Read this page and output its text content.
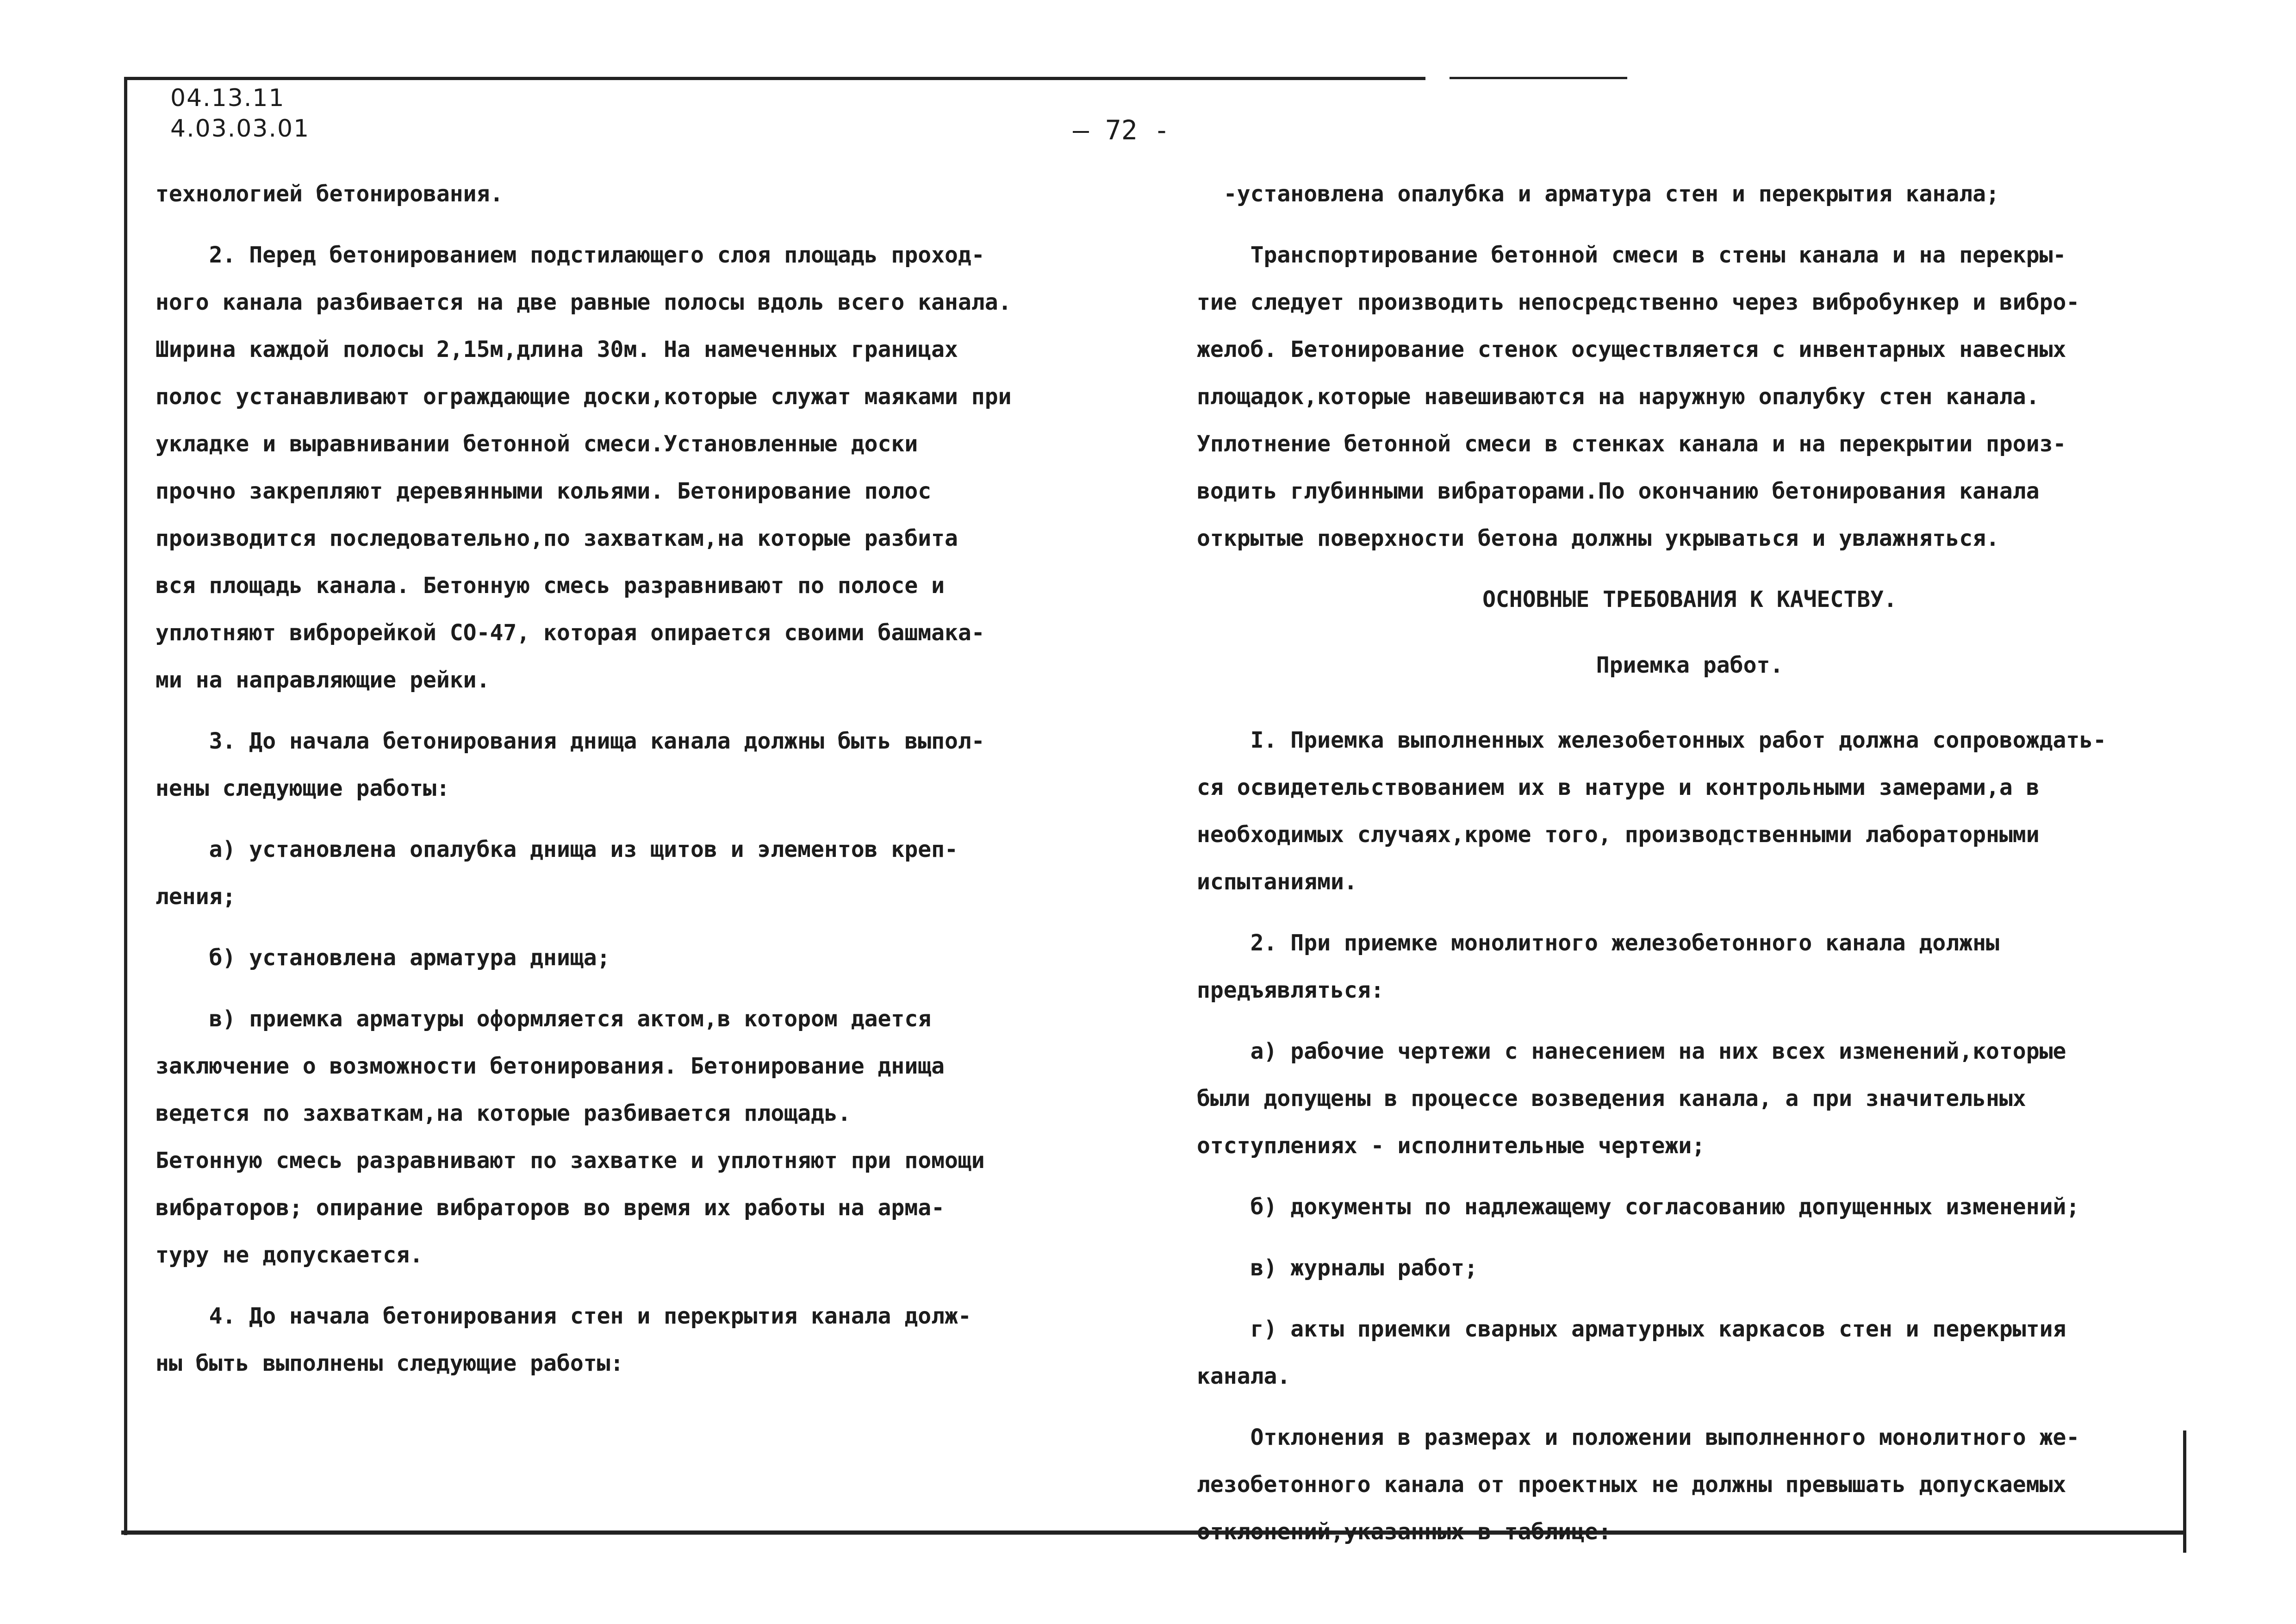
04.13.11
4.03.03.01	— 72 -
технологией бетонирования.
2. Перед бетонированием подстилающего слоя площадь проход-
ного канала разбивается на две равные полосы вдоль всего канала.
Ширина каждой полосы 2,15м,длина 30м. На намеченных границах
полос устанавливают ограждающие доски,которые служат маяками при
укладке и выравнивании бетонной смеси.Установленные доски
прочно закрепляют деревянными кольями. Бетонирование полос
производится последовательно,по захваткам,на которые разбита
вся площадь канала. Бетонную смесь разравнивают по полосе и
уплотняют виброрейкой СО-47, которая опирается своими башмака-
ми на направляющие рейки.
3. До начала бетонирования днища канала должны быть выпол-
нены следующие работы:
а) установлена опалубка днища из щитов и элементов креп-
ления;
б) установлена арматура днища;
в) приемка арматуры оформляется актом,в котором дается
заключение о возможности бетонирования. Бетонирование днища
ведется по захваткам,на которые разбивается площадь.
Бетонную смесь разравнивают по захватке и уплотняют при помощи
вибраторов; опирание вибраторов во время их работы на арма-
туру не допускается.
4. До начала бетонирования стен и перекрытия канала долж-
ны быть выполнены следующие работы:
-установлена опалубка и арматура стен и перекрытия канала;
Транспортирование бетонной смеси в стены канала и на перекры-
тие следует производить непосредственно через вибробункер и вибро-
желоб. Бетонирование стенок осуществляется с инвентарных навесных
площадок,которые навешиваются на наружную опалубку стен канала.
Уплотнение бетонной смеси в стенках канала и на перекрытии произ-
водить глубинными вибраторами.По окончанию бетонирования канала
открытые поверхности бетона должны укрываться и увлажняться.
ОСНОВНЫЕ ТРЕБОВАНИЯ К КАЧЕСТВУ.
Приемка работ.
I. Приемка выполненных железобетонных работ должна сопровождать-
ся освидетельствованием их в натуре и контрольными замерами,а в
необходимых случаях,кроме того, производственными лабораторными
испытаниями.
2. При приемке монолитного железобетонного канала должны
предъявляться:
а) рабочие чертежи с нанесением на них всех изменений,которые
были допущены в процессе возведения канала, а при значительных
отступлениях - исполнительные чертежи;
б) документы по надлежащему согласованию допущенных изменений;
в) журналы работ;
г) акты приемки сварных арматурных каркасов стен и перекрытия
канала.
Отклонения в размерах и положении выполненного монолитного же-
лезобетонного канала от проектных не должны превышать допускаемых
отклонений,указанных в таблице:
